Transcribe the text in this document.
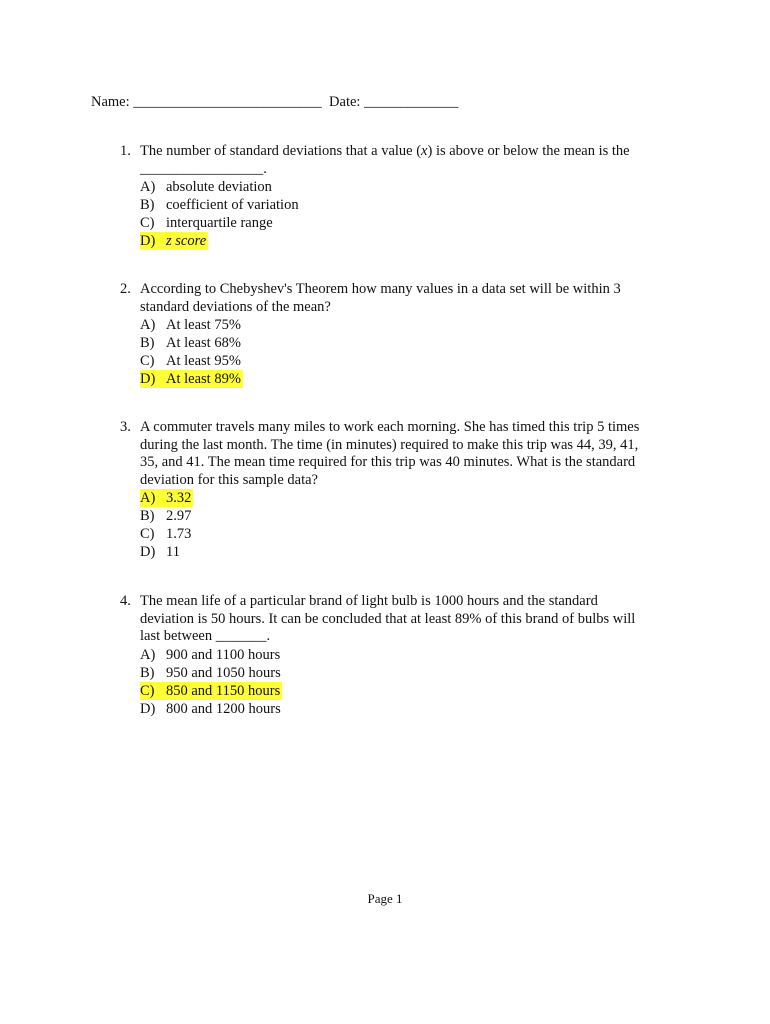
Name: __________________________ Date: _____________
1. The number of standard deviations that a value (x) is above or below the mean is the

_________________.

A) absolute deviation
B) coefficient of variation
C) interquartile range
D) z score
2. According to Chebyshev's Theorem how many values in a data set will be within 3

standard deviations of the mean?

A) At least 75%
B) At least 68%
C) At least 95%
D) At least 89%
3. A commuter travels many miles to work each morning. She has timed this trip 5 times

during the last month. The time (in minutes) required to make this trip was 44, 39, 41,

35, and 41. The mean time required for this trip was 40 minutes. What is the standard

deviation for this sample data?

A) 3.32
B) 2.97
C) 1.73
D) 11
4. The mean life of a particular brand of light bulb is 1000 hours and the standard

deviation is 50 hours. It can be concluded that at least 89% of this brand of bulbs will

last between _______.

A) 900 and 1100 hours
B) 950 and 1050 hours
C) 850 and 1150 hours
D) 800 and 1200 hours
Page 1
